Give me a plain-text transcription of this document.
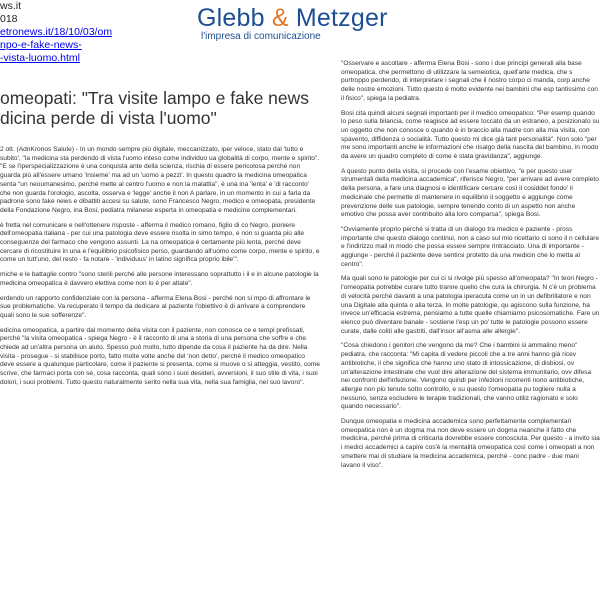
ws.it
018
etronews.it/18/10/03/om
npo-e-fake-news-
-vista-luomo.html
Glebb & Metzger
l'impresa di comunicazione
omeopati: "Tra visite lampo e fake news
dicina perde di vista l'uomo"

2 ott. (AdnKronos Salute) - In un mondo sempre più digitale, meccanizzato, iper veloce, stato dal 'tutto e subito', "la medicina sta perdendo di vista l'uomo inteso come individuo ua globalità di corpo, mente e spirito". "E se l'iperspecializzazione è una conquista ante della scienza, rischia di essere pericolosa perché non guarda più all'essere umano 'insieme' ma ad un 'uomo a pezzi'. In questo quadro la medicina omeopatica senta "un neoumanesimo, perché mette al centro l'uomo e non la malattia", è una ina 'lenta' e 'di racconto' che non guarda l'orologio, ascolta, osserva e 'legge' anche il non A parlare, in un momento in cui a farla da padrone sono fake news e dibattiti accesi su salute, sono Francesco Negro, medico e omeopata, presidente della Fondazione Negro, ina Bosi, pediatra milanese esperta in omeopatia e medicine complementari.

è fretta nel comunicare e nell'ottenere risposte - afferma il medico romano, figlio di co Negro, pioniere dell'omeopatia italiana - per cui una patologia deve essere risolta in simo tempo, e non si guarda più alle conseguenze del farmaco che vengono assunti. La na omeopatica è certamente più lenta, perché deve cercare di ricostituire in una e l'equilibrio psicofisico perso, guardando all'uomo come corpo, mente e spirito, e come un tutt'uno, del resto - fa notare - 'individuus' in latino significa proprio ibile'".

miche e le battaglie contro "sono sterili perché alle persone interessano soprattutto i il e in alcune patologie la medicina omeopatica è davvero elettiva come non lo è per altate".

erdendo un rapporto confidenziale con la persona - afferma Elena Bosi - perché non si mpo di affrontare le sue problematiche. Va recuperato il tempo da dedicare al paziente l'obiettivo è di arrivare a comprendere quali sono le sue sofferenze".

edicina omeopatica, a partire dal momento della visita con il paziente, non conosce ce e tempi prefissati, perché "la visita omeopatica - spiega Negro - è il racconto di una a storia di una persona che soffre e che chiede ad un'altra persona un aiuto. Spesso può molto, tutto dipende da cosa il paziente ha da dire. Nella visita - prosegue - si stabilisce porto, fatto molte volte anche del 'non detto', perché il medico omeopatico deve essere a qualunque particolare, come il paziente si presenta, come si muove o si atteggia, vestito, come scrive, che farmaci porta con sé, cosa racconta, quali sono i suoi desideri, avversioni, il suo stile di vita, i suoi dolori, i suoi problemi. Tutto questo naturalmente serito nella sua vita, nella sua famiglia, nel suo lavoro".

"Osservare e ascoltare - afferma Elena Bosi - sono i due principi generali alla base omeopatica, che permettono di utilizzare la semeiotica, quell'arte medica, che s purtroppo perdendo, di interpretare i segnali che il nostro corpo ci manda, corp anche delle nostre emozioni. Tutto questo è molto evidente nei bambini che esp tantissimo con il fisico", spiega la pediatra.

Bosi cita quindi alcuni segnali importanti per il medico omeopatico: "Per esemp quando lo peso sulla bilancia, come reagisce ad essere toccato da un estraneo, a posizionato su un oggetto che non conosce o quando è in braccio alla madre con alla mia visita, con spavento, diffidenza o socialità. Tutto questo mi dice già tant personalità". Non solo "per me sono importanti anche le informazioni che risalgo della nascita del bambino, in modo da avere un quadro completo di come è stata gravidanza", aggiunge.

A questo punto della visita, si procede con l'esame obiettivo, "e per questo user strumentali della medicina accademica", riferisce Negro, "per arrivare ad avere completo della persona, a fare una diagnosi e identificare cercare così il cosiddet fondo' il medicinale che permette di mantenere in equilibrio il soggetto e aggiunge come prevenzione delle sue patologie, sempre tenendo conto di un aspetto non anche emotivo che possa aver contribuito alla loro comparsa", spiega Bosi.

"Ovviamente proprio perché si tratta di un dialogo tra medico e paziente - pross importante che questo dialogo continui, non a caso sul mio ricettario ci sono il n cellulare e l'indirizzo mail in modo che possa essere sempre rintracciato. Una di importante - aggiunge - perché il paziente deve sentirsi protetto da una medicin che lo metta al centro".

Ma quali sono le patologie per cui ci si rivolge più spesso all'omeopata? "In teori Negro - l'omeopatia potrebbe curare tutto tranne quello che cura la chirurgia. N c'è un problema di velocità perché davanti a una patologia iperacuta come un in un defibrillatore e non una Digitale alla quinta o alla terza. In molte patologie, qu agiscono sulla funzione, ha invece un'efficacia estrema, pensiamo a tutte quelle chiamiamo psicosomatiche. Fare un elenco può diventare banale - sostiene l'esp un po' tutte le patologie possono essere curate, dalle coliti alle gastriti, dall'insor all'asma alle allergie".

"Cosa chiedono i genitori che vengono da me? Che i bambini si ammalino meno" pediatra, che racconta: "Mi capita di vedere piccoli che a tre anni hanno già ricev antibiotiche, il che significa che hanno uno stato di intossicazione, di disbiosi, ov un'alterazione intestinale che vuol dire alterazione del sistema immunitario, ovv difesa nei confronti dell'infezione. Vengono quindi per infezioni ricorrenti nono antibiotiche, allergie non più tenute sotto controllo, e su questo l'omeopatia pu togliere nulla a nessuno, senza escludere le terapie tradizionali, che vanno utiliz ragionato e solo quando necessario".

Dunque omeopatia e medicina accademica sono perfettamente complementari omeopatica non è un dogma ma non deve essere un dogma neanche il fatto che medicina, perché prima di criticarla dovrebbe essere conosciuta. Per questo - a invito sia i medici accademici a capire cos'è la mentalità omeopatica così come i omeopati a non smettere mai di studiare la medicina accademica, perché - conc padre - due mani lavano il viso".
